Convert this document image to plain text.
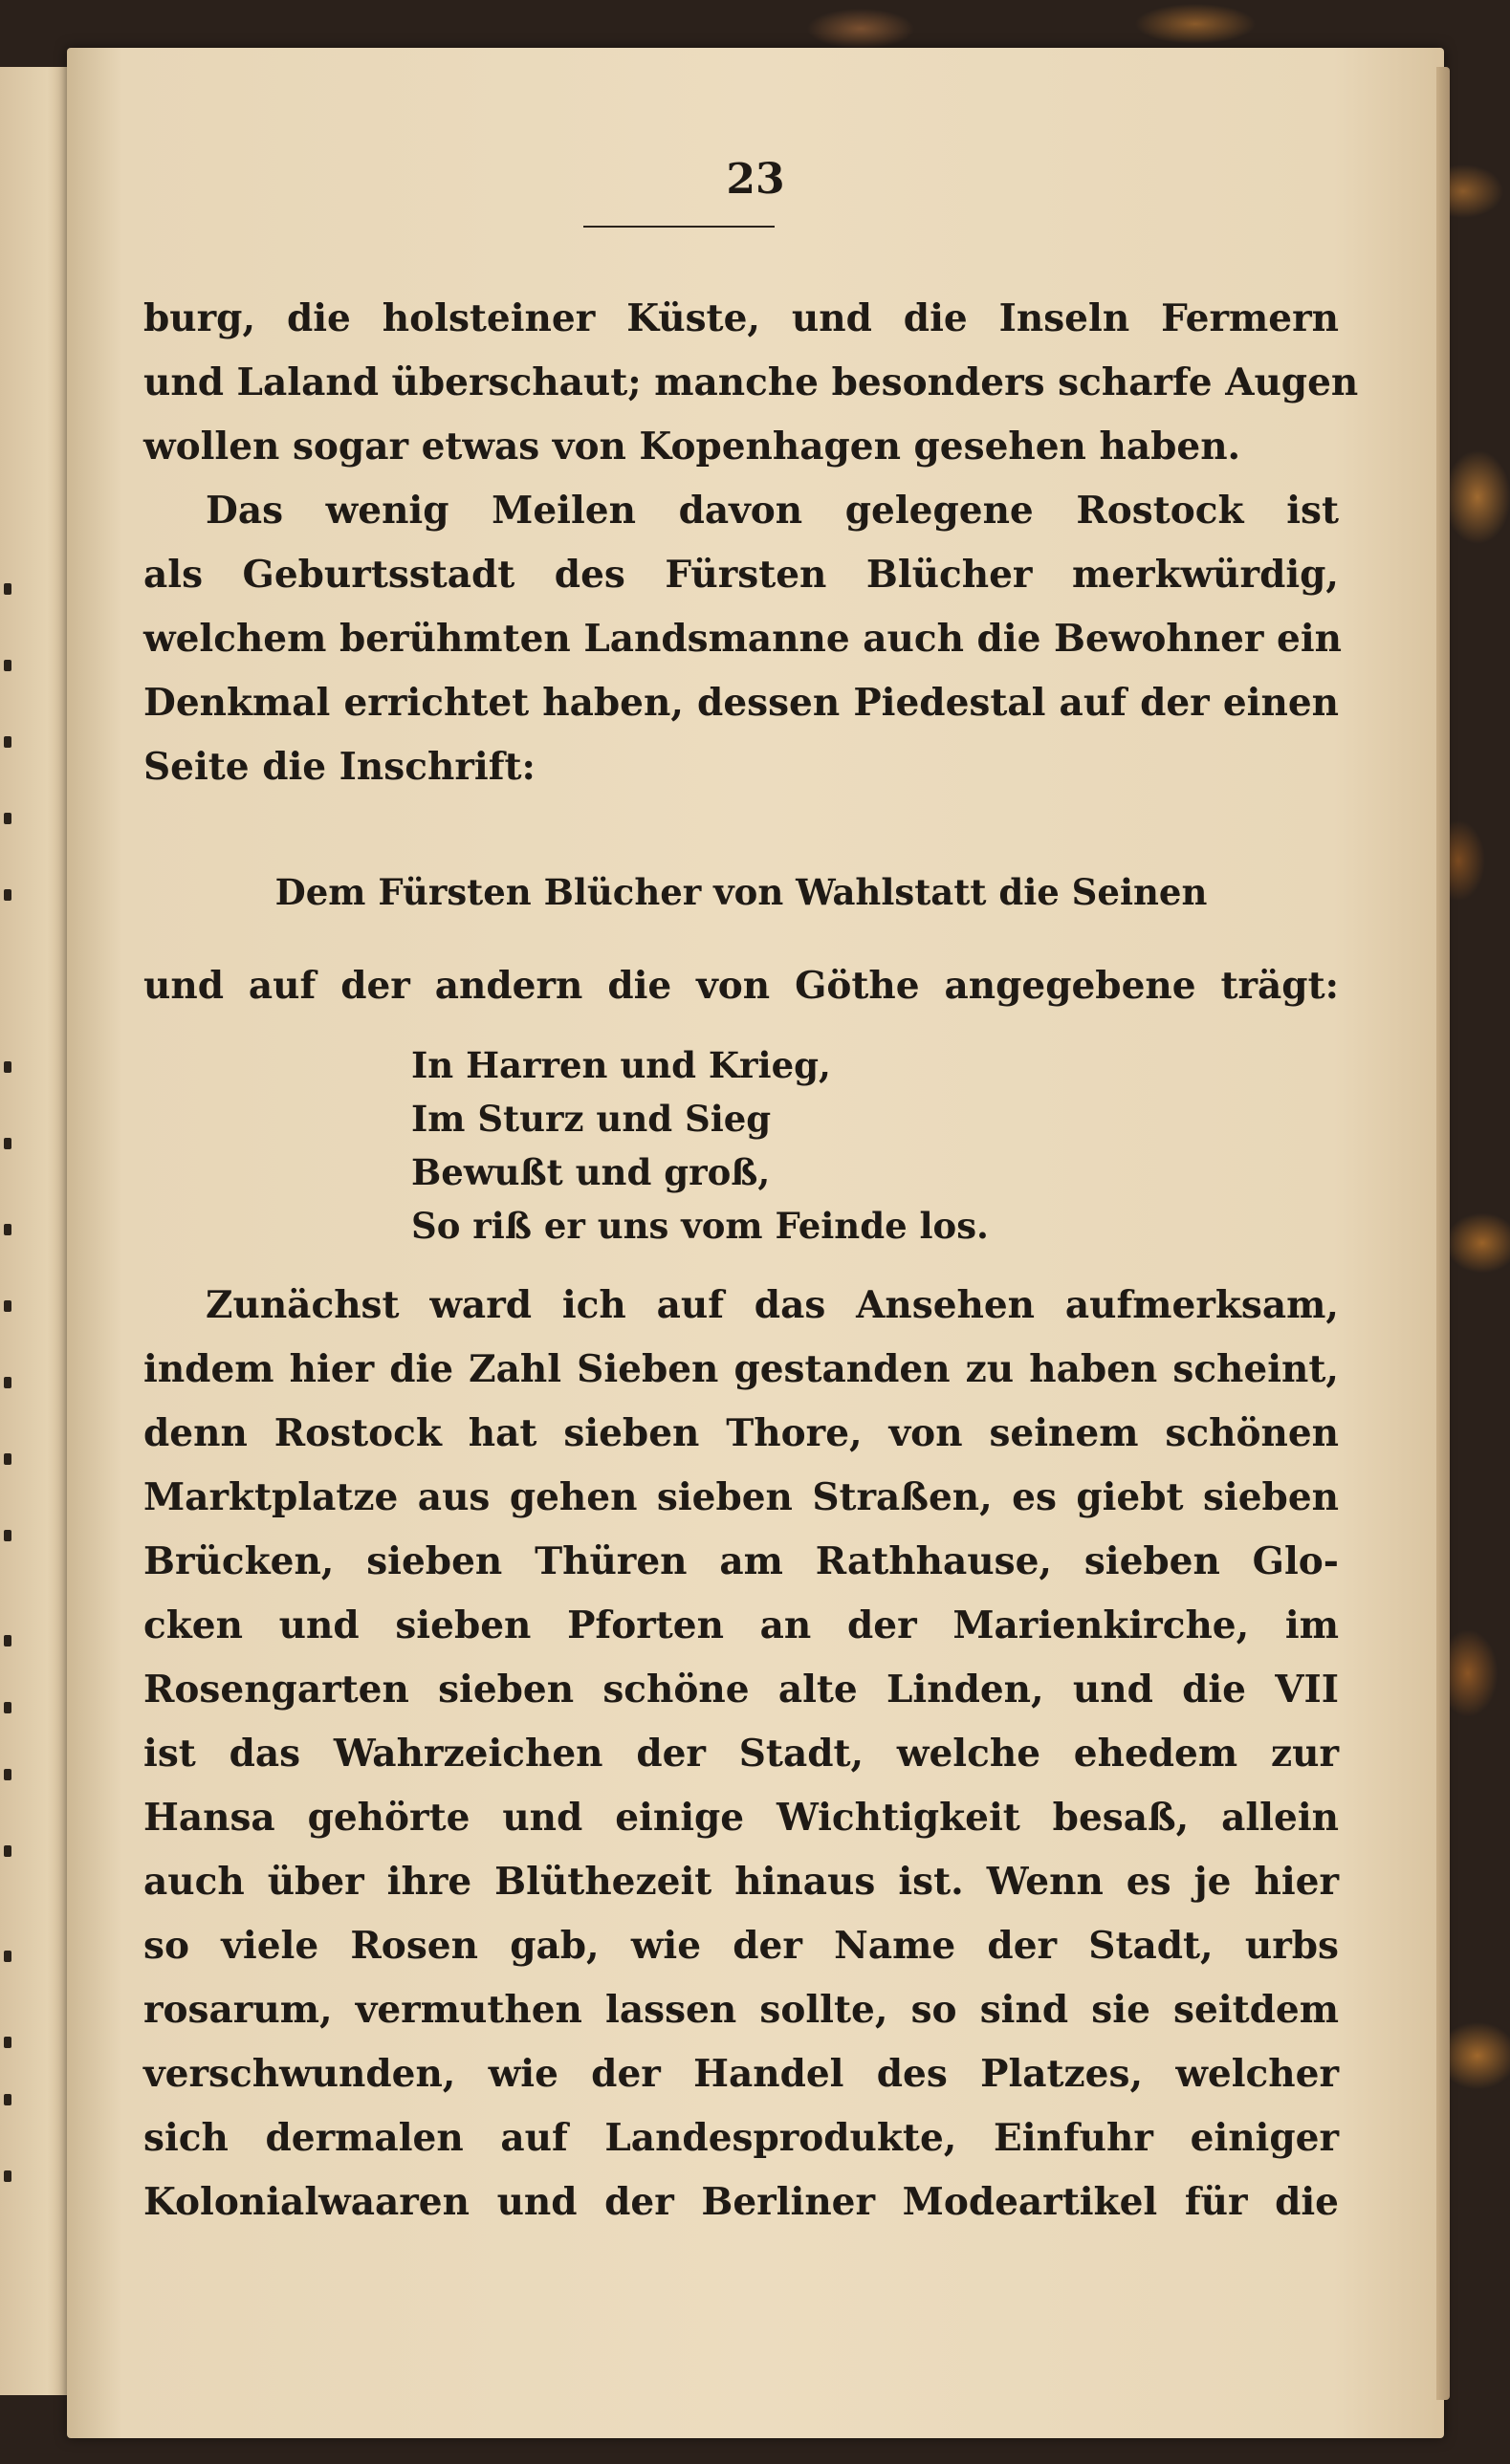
23
burg, die holsteiner Küste, und die Inseln Fermern
und Laland überschaut; manche besonders scharfe Augen
wollen sogar etwas von Kopenhagen gesehen haben.
Das wenig Meilen davon gelegene Rostock ist
als Geburtsstadt des Fürsten Blücher merkwürdig,
welchem berühmten Landsmanne auch die Bewohner ein
Denkmal errichtet haben, dessen Piedestal auf der einen
Seite die Inschrift:
Dem Fürsten Blücher von Wahlstatt die Seinen
und auf der andern die von Göthe angegebene trägt:
In Harren und Krieg,
Im Sturz und Sieg
Bewußt und groß,
So riß er uns vom Feinde los.
Zunächst ward ich auf das Ansehen aufmerksam,
indem hier die Zahl Sieben gestanden zu haben scheint,
denn Rostock hat sieben Thore, von seinem schönen
Marktplatze aus gehen sieben Straßen, es giebt sieben
Brücken, sieben Thüren am Rathhause, sieben Glo-
cken und sieben Pforten an der Marienkirche, im
Rosengarten sieben schöne alte Linden, und die VII
ist das Wahrzeichen der Stadt, welche ehedem zur
Hansa gehörte und einige Wichtigkeit besaß, allein
auch über ihre Blüthezeit hinaus ist. Wenn es je hier
so viele Rosen gab, wie der Name der Stadt, urbs
rosarum, vermuthen lassen sollte, so sind sie seitdem
verschwunden, wie der Handel des Platzes, welcher
sich dermalen auf Landesprodukte, Einfuhr einiger
Kolonialwaaren und der Berliner Modeartikel für die
